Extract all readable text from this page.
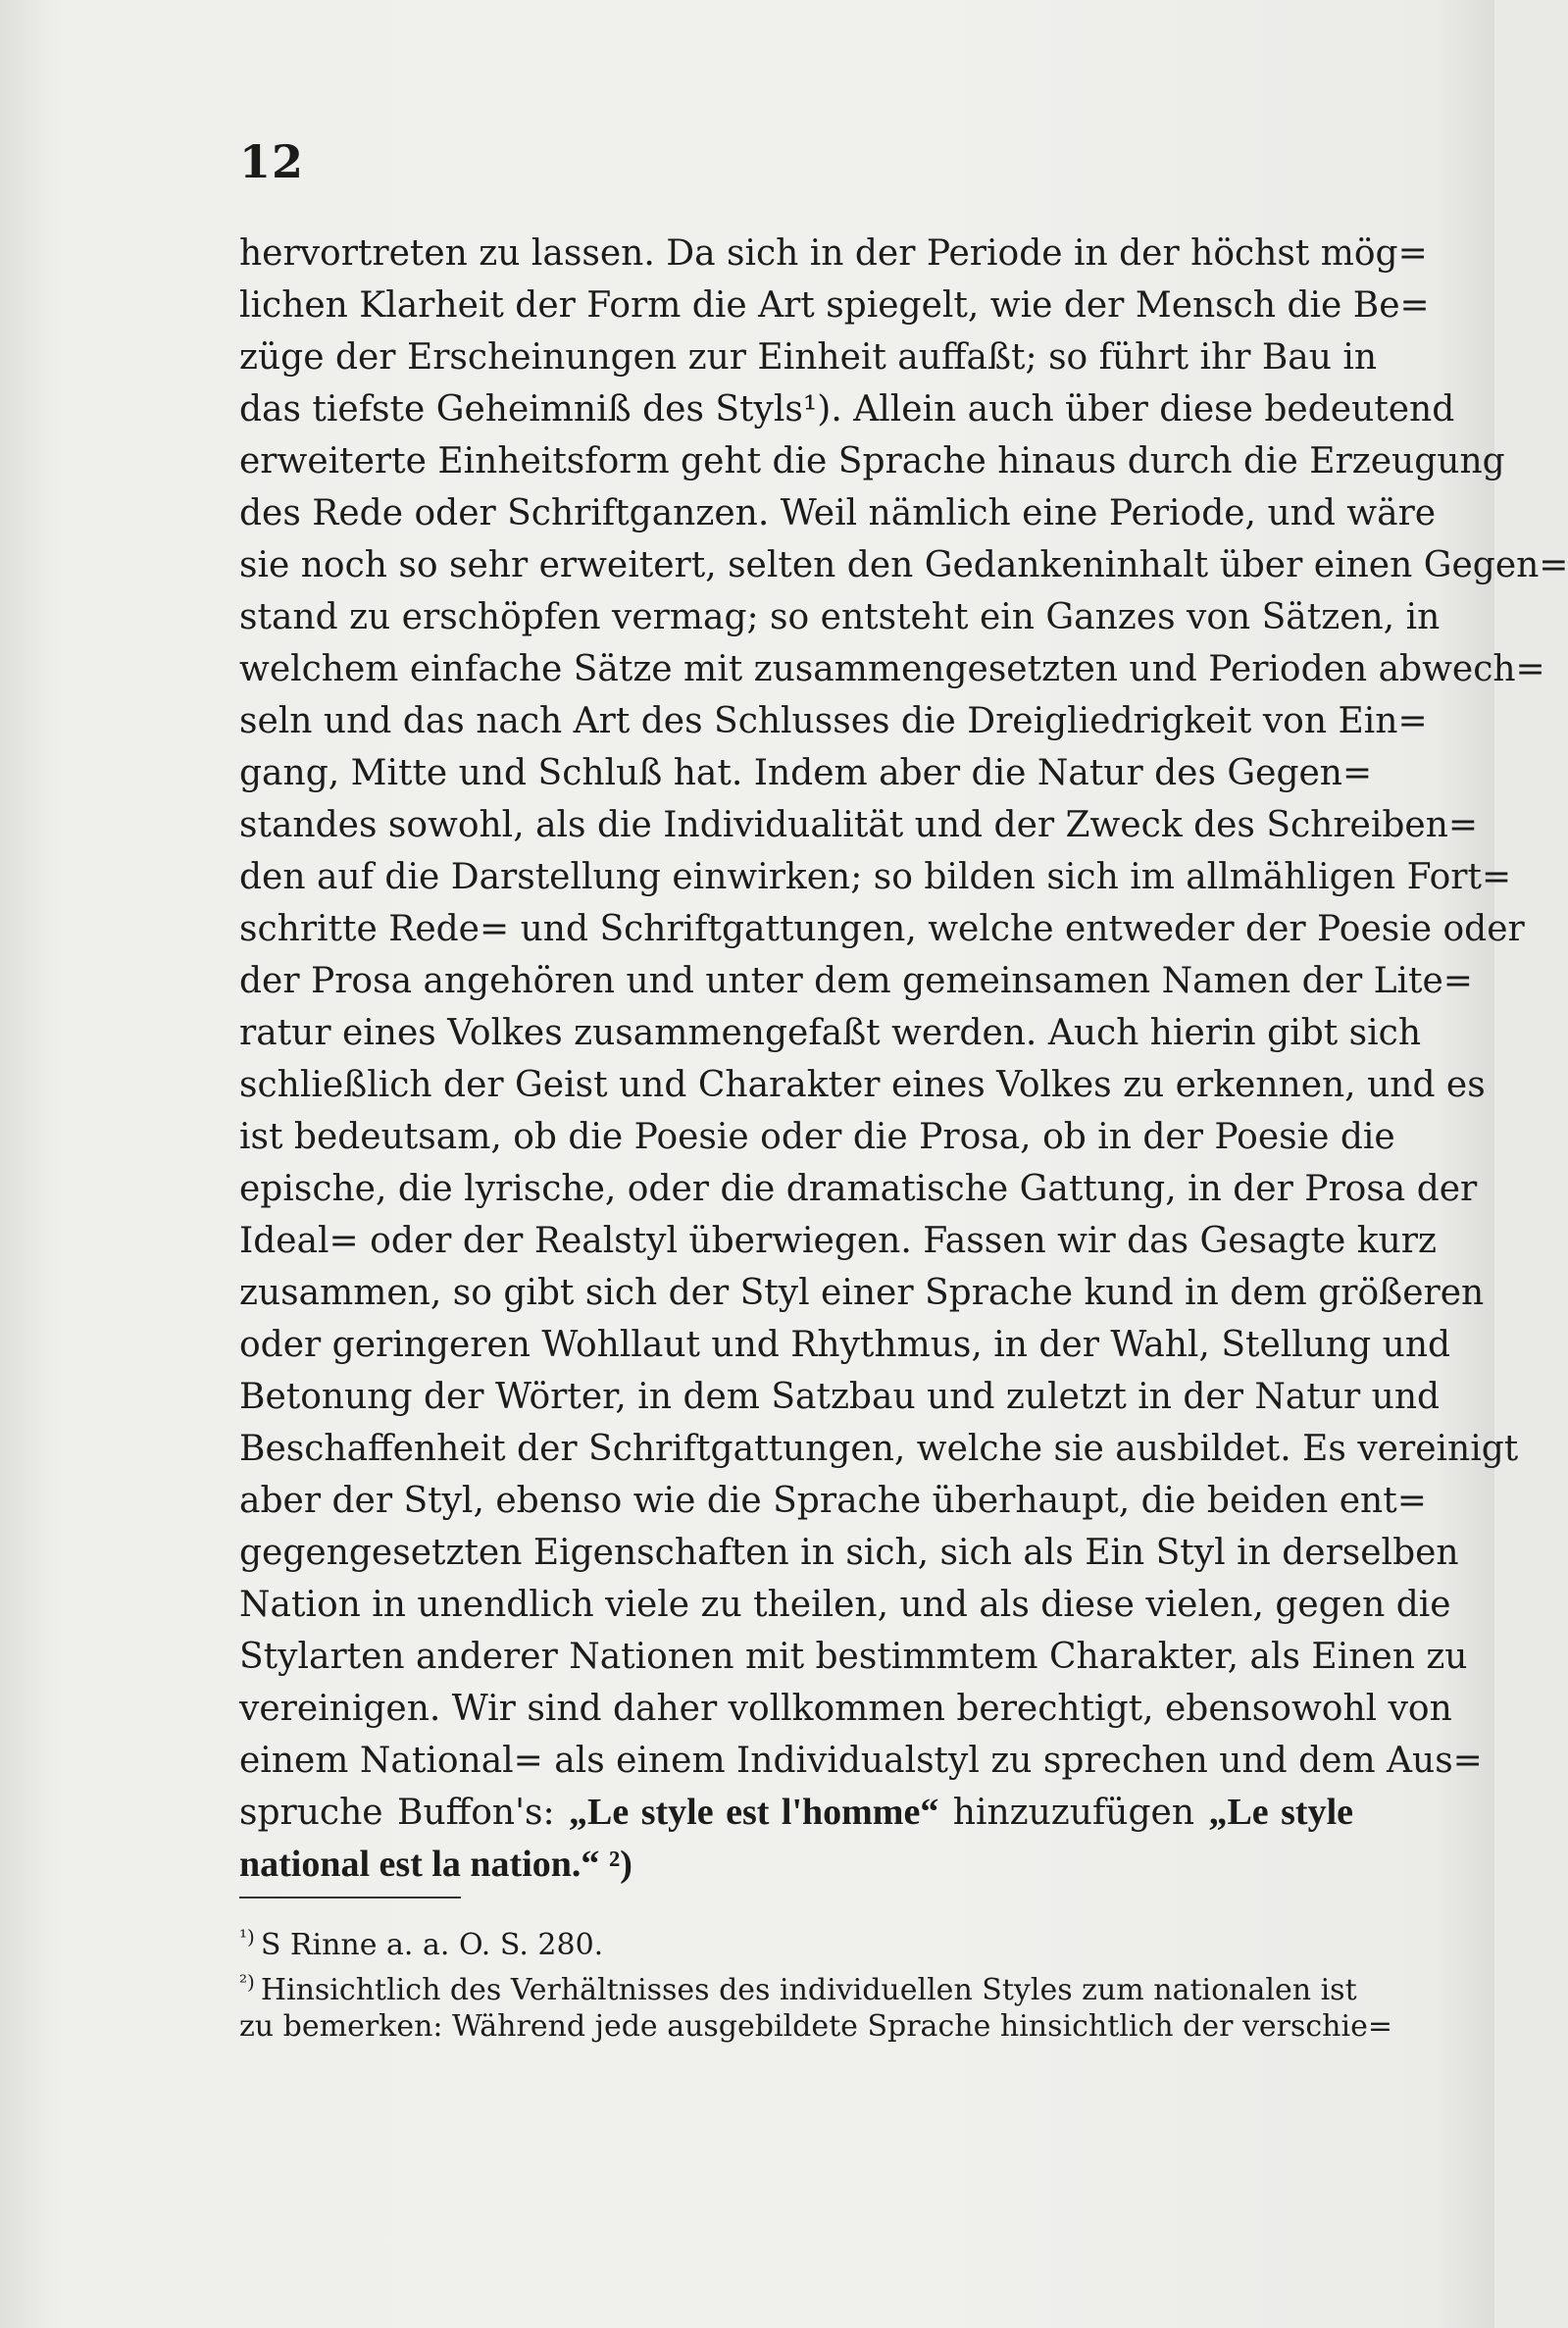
12
hervortreten zu lassen. Da sich in der Periode in der höchst mög=
lichen Klarheit der Form die Art spiegelt, wie der Mensch die Be=
züge der Erscheinungen zur Einheit auffaßt; so führt ihr Bau in
das tiefste Geheimniß des Styls¹). Allein auch über diese bedeutend
erweiterte Einheitsform geht die Sprache hinaus durch die Erzeugung
des Rede oder Schriftganzen. Weil nämlich eine Periode, und wäre
sie noch so sehr erweitert, selten den Gedankeninhalt über einen Gegen=
stand zu erschöpfen vermag; so entsteht ein Ganzes von Sätzen, in
welchem einfache Sätze mit zusammengesetzten und Perioden abwech=
seln und das nach Art des Schlusses die Dreigliedrigkeit von Ein=
gang, Mitte und Schluß hat. Indem aber die Natur des Gegen=
standes sowohl, als die Individualität und der Zweck des Schreiben=
den auf die Darstellung einwirken; so bilden sich im allmähligen Fort=
schritte Rede= und Schriftgattungen, welche entweder der Poesie oder
der Prosa angehören und unter dem gemeinsamen Namen der Lite=
ratur eines Volkes zusammengefaßt werden. Auch hierin gibt sich
schließlich der Geist und Charakter eines Volkes zu erkennen, und es
ist bedeutsam, ob die Poesie oder die Prosa, ob in der Poesie die
epische, die lyrische, oder die dramatische Gattung, in der Prosa der
Ideal= oder der Realstyl überwiegen. Fassen wir das Gesagte kurz
zusammen, so gibt sich der Styl einer Sprache kund in dem größeren
oder geringeren Wohllaut und Rhythmus, in der Wahl, Stellung und
Betonung der Wörter, in dem Satzbau und zuletzt in der Natur und
Beschaffenheit der Schriftgattungen, welche sie ausbildet. Es vereinigt
aber der Styl, ebenso wie die Sprache überhaupt, die beiden ent=
gegengesetzten Eigenschaften in sich, sich als Ein Styl in derselben
Nation in unendlich viele zu theilen, und als diese vielen, gegen die
Stylarten anderer Nationen mit bestimmtem Charakter, als Einen zu
vereinigen. Wir sind daher vollkommen berechtigt, ebensowohl von
einem National= als einem Individualstyl zu sprechen und dem Aus=
spruche Buffon's: „Le style est l'homme“ hinzuzufügen „Le style
national est la nation.“ ²)
$^{^1)}$ S Rinne a. a. O. S. 280.
$^{^2)}$ Hinsichtlich des Verhältnisses des individuellen Styles zum nationalen ist
zu bemerken: Während jede ausgebildete Sprache hinsichtlich der verschie=
